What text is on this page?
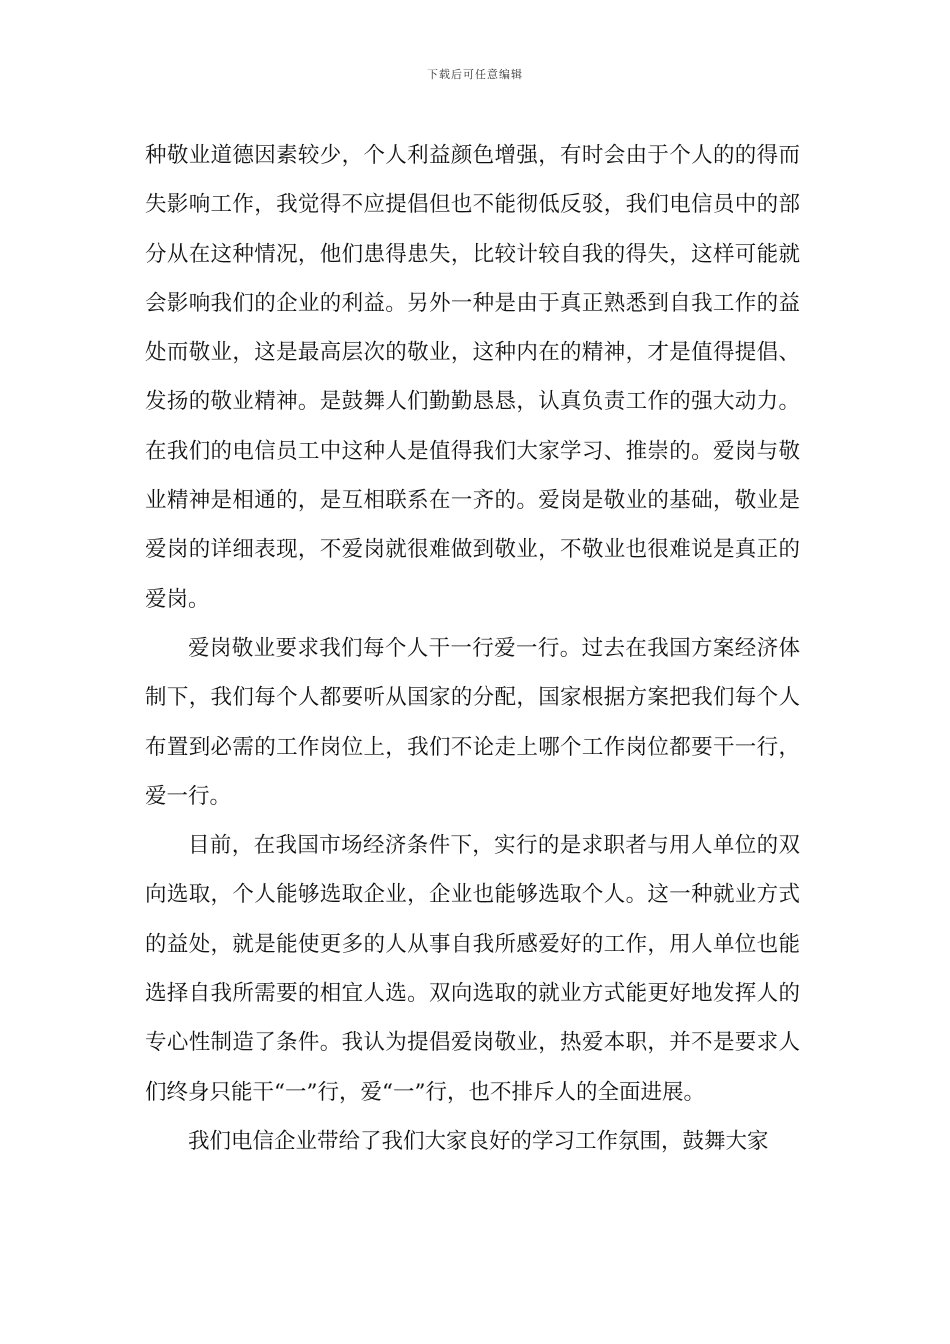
下载后可任意编辑

种敬业道德因素较少，个人利益颜色增强，有时会由于个人的的得而失影响工作，我觉得不应提倡但也不能彻低反驳，我们电信员中的部分从在这种情况，他们患得患失，比较计较自我的得失，这样可能就会影响我们的企业的利益。另外一种是由于真正熟悉到自我工作的益处而敬业，这是最高层次的敬业，这种内在的精神，才是值得提倡、发扬的敬业精神。是鼓舞人们勤勤恳恳，认真负责工作的强大动力。在我们的电信员工中这种人是值得我们大家学习、推崇的。爱岗与敬业精神是相通的，是互相联系在一齐的。爱岗是敬业的基础，敬业是爱岗的详细表现，不爱岗就很难做到敬业，不敬业也很难说是真正的爱岗。

爱岗敬业要求我们每个人干一行爱一行。过去在我国方案经济体制下，我们每个人都要听从国家的分配，国家根据方案把我们每个人布置到必需的工作岗位上，我们不论走上哪个工作岗位都要干一行，爱一行。

目前，在我国市场经济条件下，实行的是求职者与用人单位的双向选取，个人能够选取企业，企业也能够选取个人。这一种就业方式的益处，就是能使更多的人从事自我所感爱好的工作，用人单位也能选择自我所需要的相宜人选。双向选取的就业方式能更好地发挥人的专心性制造了条件。我认为提倡爱岗敬业，热爱本职，并不是要求人们终身只能干“一”行，爱“一”行，也不排斥人的全面进展。

我们电信企业带给了我们大家良好的学习工作氛围，鼓舞大家
